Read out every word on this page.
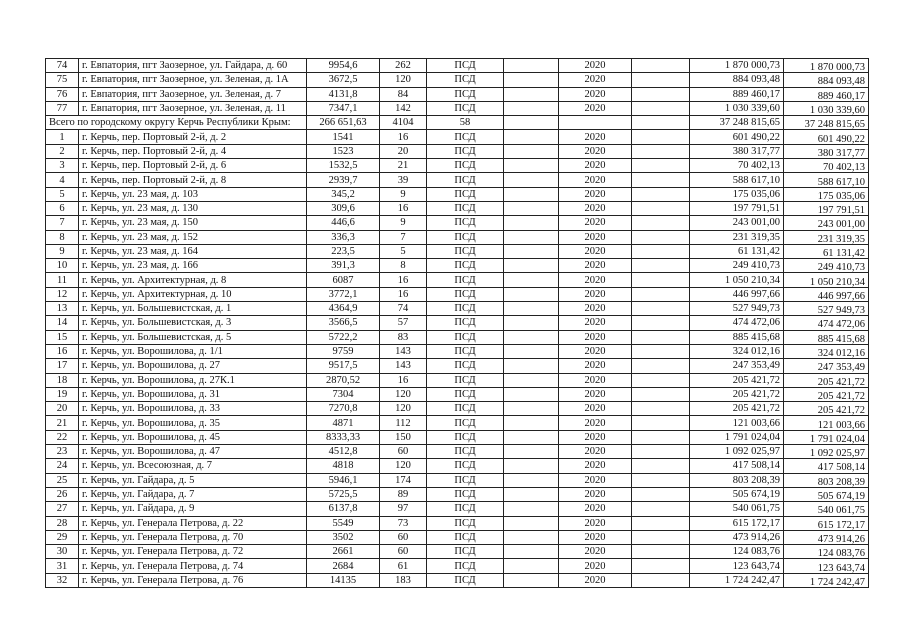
74	г. Евпатория, пгт Заозерное, ул. Гайдара, д. 60	9954,6	262	ПСД		2020		1 870 000,73	1 870 000,73
75	г. Евпатория, пгт Заозерное, ул. Зеленая, д. 1А	3672,5	120	ПСД		2020		884 093,48	884 093,48
76	г. Евпатория, пгт Заозерное, ул. Зеленая, д. 7	4131,8	84	ПСД		2020		889 460,17	889 460,17
77	г. Евпатория, пгт Заозерное, ул. Зеленая, д. 11	7347,1	142	ПСД		2020		1 030 339,60	1 030 339,60
Всего по городскому округу Керчь Республики Крым:		266 651,63	4104	58				37 248 815,65	37 248 815,65
1	г. Керчь, пер. Портовый 2-й, д. 2	1541	16	ПСД		2020		601 490,22	601 490,22
2	г. Керчь, пер. Портовый 2-й, д. 4	1523	20	ПСД		2020		380 317,77	380 317,77
3	г. Керчь, пер. Портовый 2-й, д. 6	1532,5	21	ПСД		2020		70 402,13	70 402,13
4	г. Керчь, пер. Портовый 2-й, д. 8	2939,7	39	ПСД		2020		588 617,10	588 617,10
5	г. Керчь, ул. 23 мая, д. 103	345,2	9	ПСД		2020		175 035,06	175 035,06
6	г. Керчь, ул. 23 мая, д. 130	309,6	16	ПСД		2020		197 791,51	197 791,51
7	г. Керчь, ул. 23 мая, д. 150	446,6	9	ПСД		2020		243 001,00	243 001,00
8	г. Керчь, ул. 23 мая, д. 152	336,3	7	ПСД		2020		231 319,35	231 319,35
9	г. Керчь, ул. 23 мая, д. 164	223,5	5	ПСД		2020		61 131,42	61 131,42
10	г. Керчь, ул. 23 мая, д. 166	391,3	8	ПСД		2020		249 410,73	249 410,73
11	г. Керчь, ул. Архитектурная, д. 8	6087	16	ПСД		2020		1 050 210,34	1 050 210,34
12	г. Керчь, ул. Архитектурная, д. 10	3772,1	16	ПСД		2020		446 997,66	446 997,66
13	г. Керчь, ул. Большевистская, д. 1	4364,9	74	ПСД		2020		527 949,73	527 949,73
14	г. Керчь, ул. Большевистская, д. 3	3566,5	57	ПСД		2020		474 472,06	474 472,06
15	г. Керчь, ул. Большевистская, д. 5	5722,2	83	ПСД		2020		885 415,68	885 415,68
16	г. Керчь, ул. Ворошилова, д. 1/1	9759	143	ПСД		2020		324 012,16	324 012,16
17	г. Керчь, ул. Ворошилова, д. 27	9517,5	143	ПСД		2020		247 353,49	247 353,49
18	г. Керчь, ул. Ворошилова, д. 27К.1	2870,52	16	ПСД		2020		205 421,72	205 421,72
19	г. Керчь, ул. Ворошилова, д. 31	7304	120	ПСД		2020		205 421,72	205 421,72
20	г. Керчь, ул. Ворошилова, д. 33	7270,8	120	ПСД		2020		205 421,72	205 421,72
21	г. Керчь, ул. Ворошилова, д. 35	4871	112	ПСД		2020		121 003,66	121 003,66
22	г. Керчь, ул. Ворошилова, д. 45	8333,33	150	ПСД		2020		1 791 024,04	1 791 024,04
23	г. Керчь, ул. Ворошилова, д. 47	4512,8	60	ПСД		2020		1 092 025,97	1 092 025,97
24	г. Керчь, ул. Всесоюзная, д. 7	4818	120	ПСД		2020		417 508,14	417 508,14
25	г. Керчь, ул. Гайдара, д. 5	5946,1	174	ПСД		2020		803 208,39	803 208,39
26	г. Керчь, ул. Гайдара, д. 7	5725,5	89	ПСД		2020		505 674,19	505 674,19
27	г. Керчь, ул. Гайдара, д. 9	6137,8	97	ПСД		2020		540 061,75	540 061,75
28	г. Керчь, ул. Генерала Петрова, д. 22	5549	73	ПСД		2020		615 172,17	615 172,17
29	г. Керчь, ул. Генерала Петрова, д. 70	3502	60	ПСД		2020		473 914,26	473 914,26
30	г. Керчь, ул. Генерала Петрова, д. 72	2661	60	ПСД		2020		124 083,76	124 083,76
31	г. Керчь, ул. Генерала Петрова, д. 74	2684	61	ПСД		2020		123 643,74	123 643,74
32	г. Керчь, ул. Генерала Петрова, д. 76	14135	183	ПСД		2020		1 724 242,47	1 724 242,47
